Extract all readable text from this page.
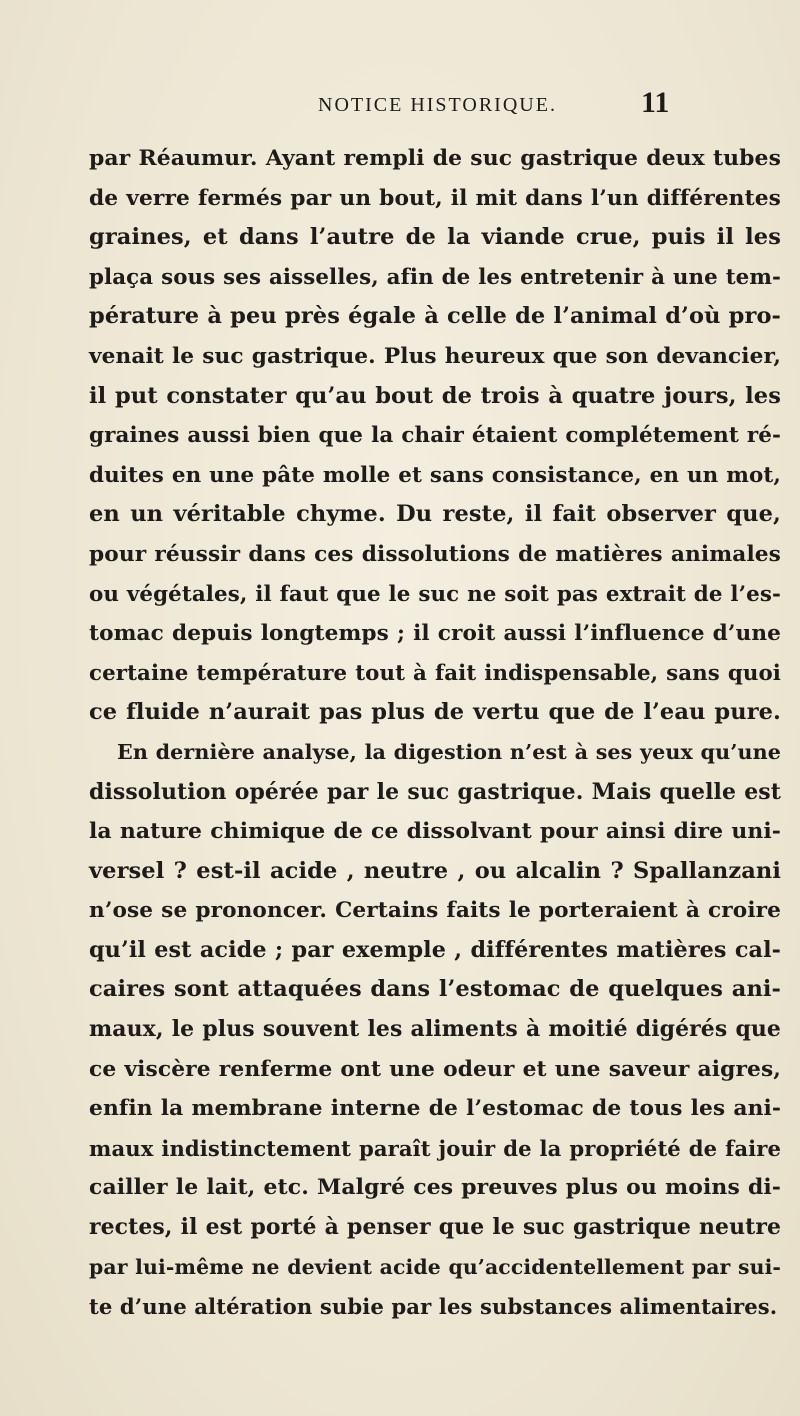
NOTICE HISTORIQUE.	11
par Réaumur. Ayant rempli de suc gastrique deux tubes
de verre fermés par un bout, il mit dans l’un différentes
graines, et dans l’autre de la viande crue, puis il les
plaça sous ses aisselles, afin de les entretenir à une tem-
pérature à peu près égale à celle de l’animal d’où pro-
venait le suc gastrique. Plus heureux que son devancier,
il put constater qu’au bout de trois à quatre jours, les
graines aussi bien que la chair étaient complétement ré-
duites en une pâte molle et sans consistance, en un mot,
en un véritable chyme. Du reste, il fait observer que,
pour réussir dans ces dissolutions de matières animales
ou végétales, il faut que le suc ne soit pas extrait de l’es-
tomac depuis longtemps ; il croit aussi l’influence d’une
certaine température tout à fait indispensable, sans quoi
ce fluide n’aurait pas plus de vertu que de l’eau pure.
En dernière analyse, la digestion n’est à ses yeux qu’une
dissolution opérée par le suc gastrique. Mais quelle est
la nature chimique de ce dissolvant pour ainsi dire uni-
versel ? est-il acide , neutre , ou alcalin ? Spallanzani
n’ose se prononcer. Certains faits le porteraient à croire
qu’il est acide ; par exemple , différentes matières cal-
caires sont attaquées dans l’estomac de quelques ani-
maux, le plus souvent les aliments à moitié digérés que
ce viscère renferme ont une odeur et une saveur aigres,
enfin la membrane interne de l’estomac de tous les ani-
maux indistinctement paraît jouir de la propriété de faire
cailler le lait, etc. Malgré ces preuves plus ou moins di-
rectes, il est porté à penser que le suc gastrique neutre
par lui-même ne devient acide qu’accidentellement par sui-
te d’une altération subie par les substances alimentaires.
